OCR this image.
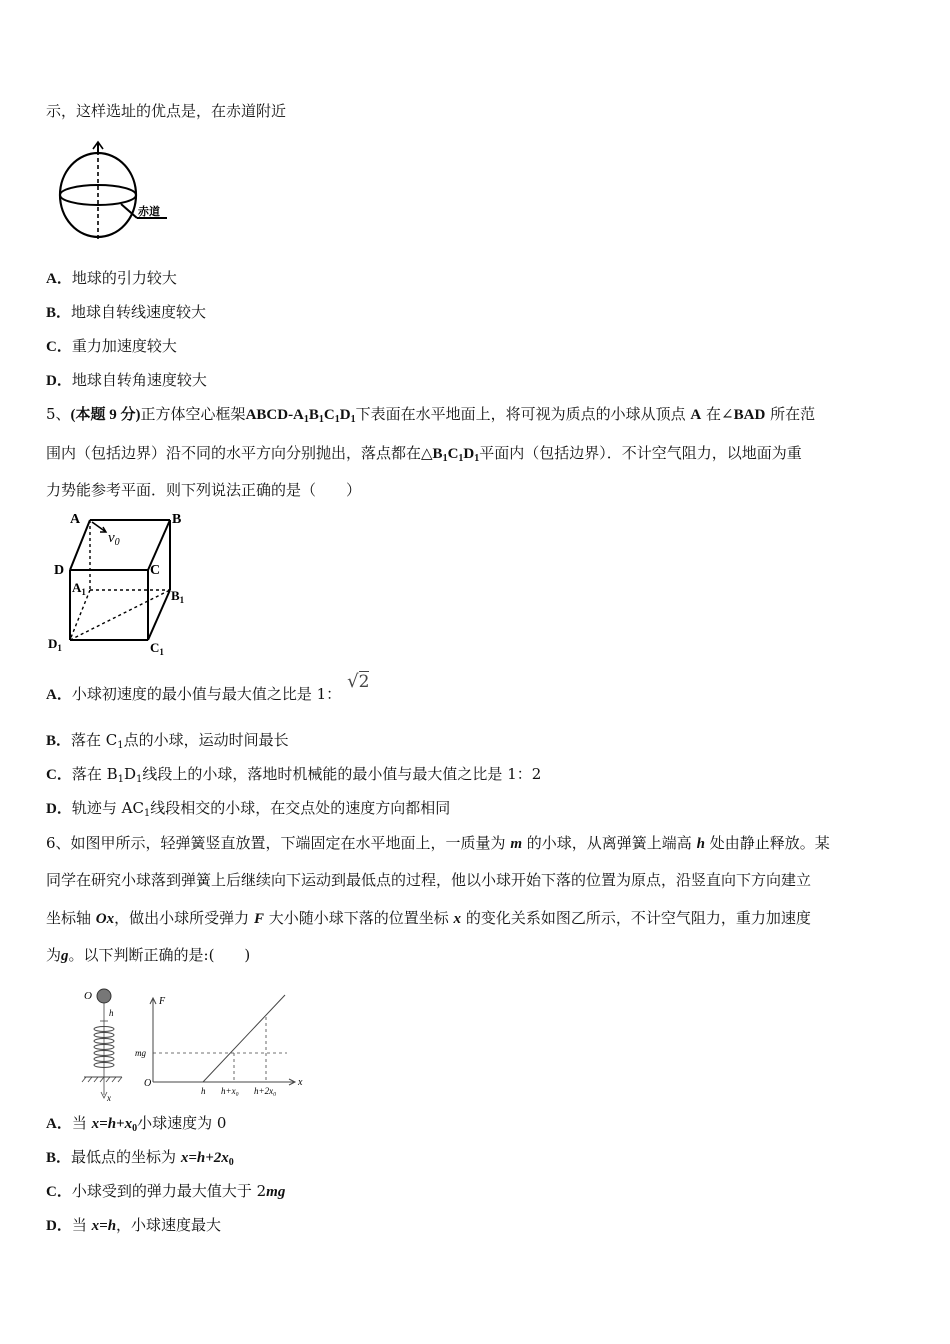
示，这样选址的优点是，在赤道附近
赤道
A．地球的引力较大
B．地球自转线速度较大
C．重力加速度较大
D．地球自转角速度较大
5、(本题 9 分)正方体空心框架ABCD-$A_1B_1C_1D_1$下表面在水平地面上，将可视为质点的小球从顶点 A 在∠BAD 所在范
围内（包括边界）沿不同的水平方向分别抛出，落点都在$\triangle B_1C_1D_1$平面内（包括边界）．不计空气阻力，以地面为重
力势能参考平面．则下列说法正确的是（　　）
A	B
C
D
$A_1$	$B_1$
$C_1$
$D_1$
$v_0$
A．小球初速度的最小值与最大值之比是 1：√2
B．落在 $C_1$点的小球，运动时间最长
C．落在 $B_1D_1$线段上的小球，落地时机械能的最小值与最大值之比是 1：2
D．轨迹与 $AC_1$线段相交的小球，在交点处的速度方向都相同
6、如图甲所示，轻弹簧竖直放置，下端固定在水平地面上，一质量为 m 的小球，从离弹簧上端高 h 处由静止释放。某
同学在研究小球落到弹簧上后继续向下运动到最低点的过程，他以小球开始下落的位置为原点，沿竖直向下方向建立
坐标轴 Ox，做出小球所受弹力 F 大小随小球下落的位置坐标 x 的变化关系如图乙所示，不计空气阻力，重力加速度
为g。以下判断正确的是:(　　)
O
h
x
F
O	x
mg
h h+x₀ h+2x₀
A．当 $x=h+x_0$小球速度为 0
B．最低点的坐标为 $x=h+2x_0$
C．小球受到的弹力最大值大于 2mg
D．当 x=h，小球速度最大
